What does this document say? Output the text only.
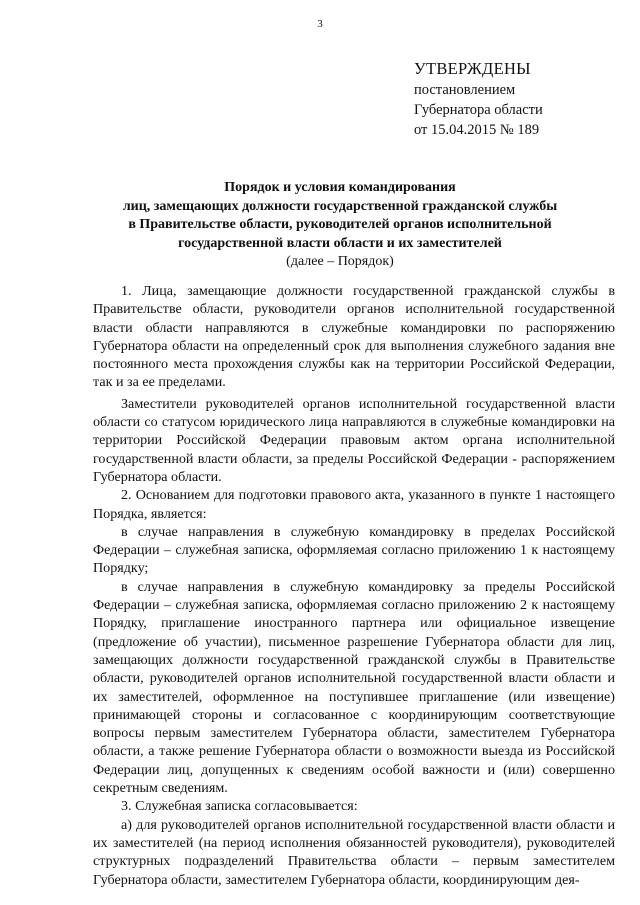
3
УТВЕРЖДЕНЫ
постановлением
Губернатора области
от 15.04.2015 № 189
Порядок и условия командирования
лиц, замещающих должности государственной гражданской службы
в Правительстве области, руководителей органов исполнительной
государственной власти области и их заместителей
(далее – Порядок)

1. Лица, замещающие должности государственной гражданской службы в Правительстве области, руководители органов исполнительной государственной власти области направляются в служебные командировки по распоряжению Губернатора области на определенный срок для выполнения служебного задания вне постоянного места прохождения службы как на территории Российской Федерации, так и за ее пределами.

Заместители руководителей органов исполнительной государственной власти области со статусом юридического лица направляются в служебные командировки на территории Российской Федерации правовым актом органа исполнительной государственной власти области, за пределы Российской Федерации - распоряжением Губернатора области.

2. Основанием для подготовки правового акта, указанного в пункте 1 настоящего Порядка, является:

в случае направления в служебную командировку в пределах Российской Федерации – служебная записка, оформляемая согласно приложению 1 к настоящему Порядку;

в случае направления в служебную командировку за пределы Российской Федерации – служебная записка, оформляемая согласно приложению 2 к настоящему Порядку, приглашение иностранного партнера или официальное извещение (предложение об участии), письменное разрешение Губернатора области для лиц, замещающих должности государственной гражданской службы в Правительстве области, руководителей органов исполнительной государственной власти области и их заместителей, оформленное на поступившее приглашение (или извещение) принимающей стороны и согласованное с координирующим соответствующие вопросы первым заместителем Губернатора области, заместителем Губернатора области, а также решение Губернатора области о возможности выезда из Российской Федерации лиц, допущенных к сведениям особой важности и (или) совершенно секретным сведениям.

3. Служебная записка согласовывается:

а) для руководителей органов исполнительной государственной власти области и их заместителей (на период исполнения обязанностей руководителя), руководителей структурных подразделений Правительства области – первым заместителем Губернатора области, заместителем Губернатора области, координирующим дея-
